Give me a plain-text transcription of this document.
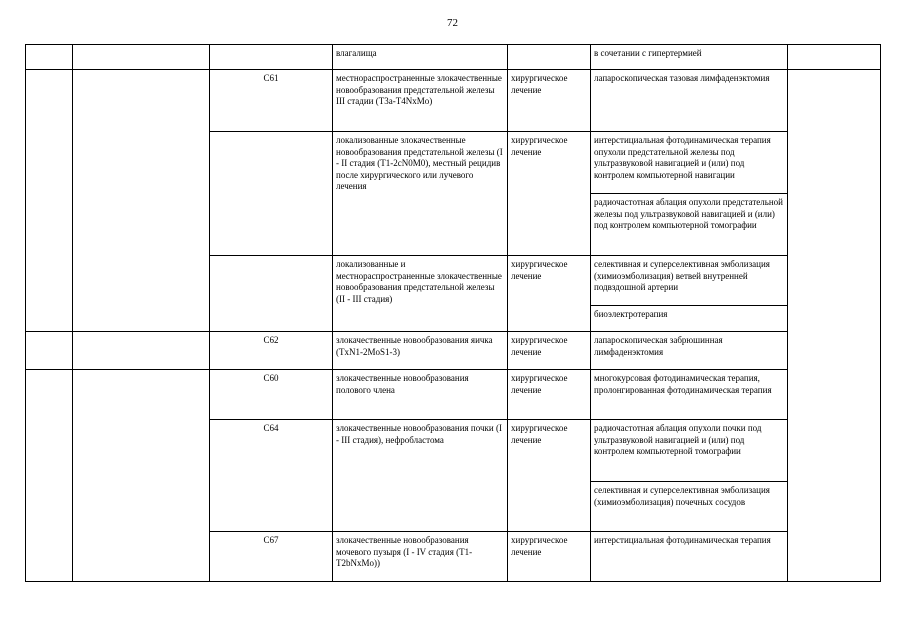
72
			влагалища		в сочетании с гипертермией		
		C61	местнораспространенные злокачественные новообразования предстательной железы III стадии (T3a-T4NxMo)	хирургическое лечение	лапароскопическая тазовая лимфаденэктомия		
			локализованные злокачественные новообразования предстательной железы (I - II стадия (T1-2cN0M0), местный рецидив после хирургического или лучевого лечения	хирургическое лечение	интерстициальная фотодинамическая терапия опухоли предстательной железы под ультразвуковой навигацией и (или) под контролем компьютерной навигации		
					радиочастотная аблация опухоли предстательной железы под ультразвуковой навигацией и (или) под контролем компьютерной томографии		
			локализованные и местнораспространенные злокачественные новообразования предстательной железы (II - III стадия)	хирургическое лечение	селективная и суперселективная эмболизация (химиоэмболизация) ветвей внутренней подвздошной артерии		
					биоэлектротерапия		
		C62	злокачественные новообразования яичка (TxN1-2MoS1-3)	хирургическое лечение	лапароскопическая забрюшинная лимфаденэктомия		
		C60	злокачественные новообразования полового члена	хирургическое лечение	многокурсовая фотодинамическая терапия, пролонгированная фотодинамическая терапия		
		C64	злокачественные новообразования почки (I - III стадия), нефробластома	хирургическое лечение	радиочастотная аблация опухоли почки под ультразвуковой навигацией и (или) под контролем компьютерной томографии		
					селективная и суперселективная эмболизация (химиоэмболизация) почечных сосудов		
		C67	злокачественные новообразования мочевого пузыря (I - IV стадия (T1-T2bNxMo))	хирургическое лечение	интерстициальная фотодинамическая терапия		
